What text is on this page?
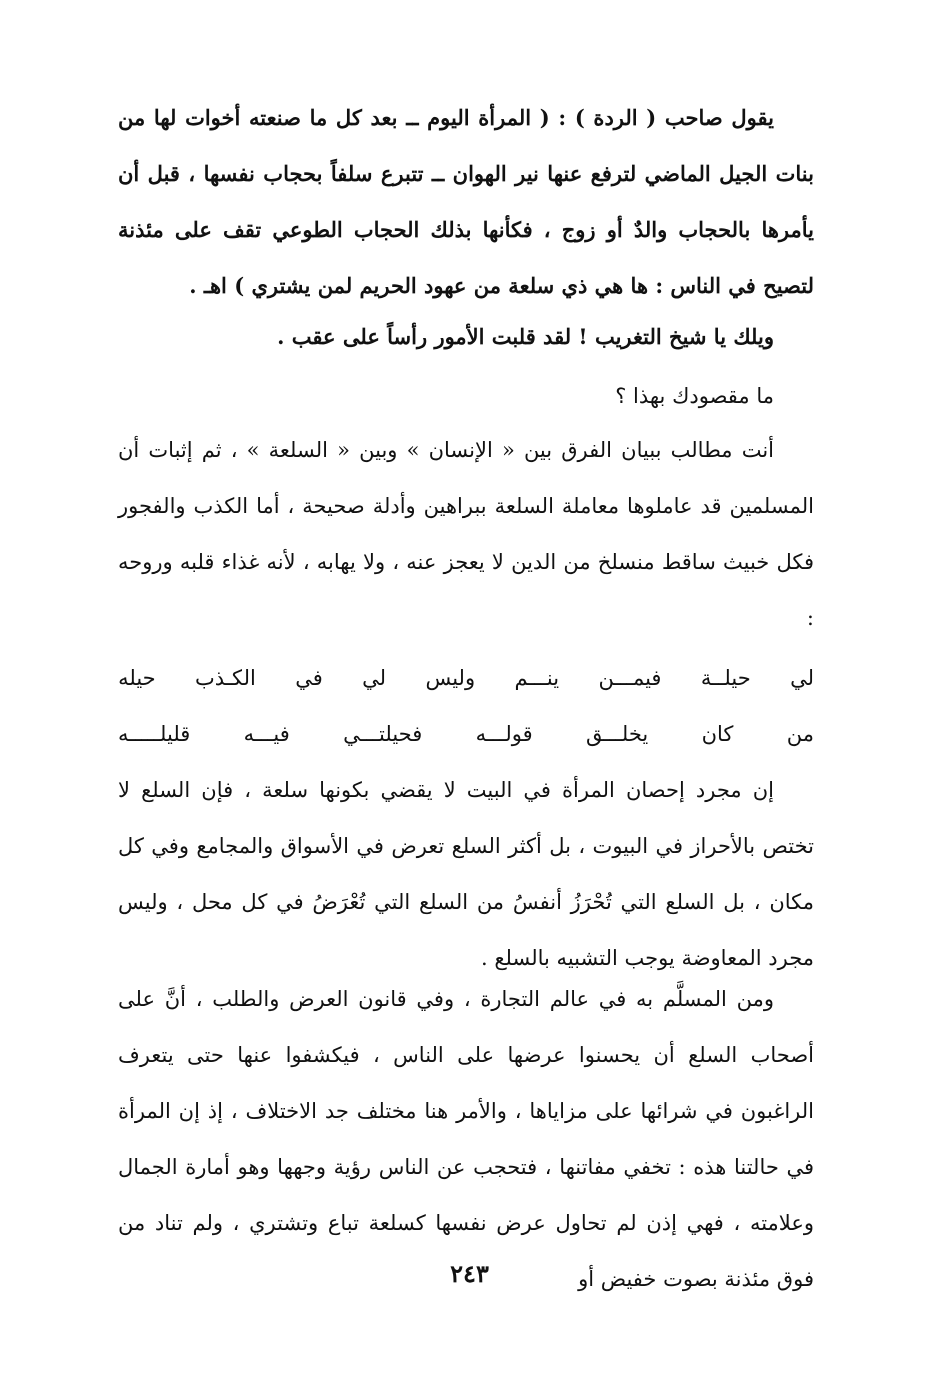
يقول صاحب ( الردة ) : ( المرأة اليوم ــ بعد كل ما صنعته أخوات لها من بنات الجيل الماضي لترفع عنها نير الهوان ــ تتبرع سلفاً بحجاب نفسها ، قبل أن يأمرها بالحجاب والدٌ أو زوج ، فكأنها بذلك الحجاب الطوعي تقف على مئذنة لتصيح في الناس : ها هي ذي سلعة من عهود الحريم لمن يشتري ) اهـ .

ويلك يا شيخ التغريب ! لقد قلبت الأمور رأساً على عقب .

ما مقصودك بهذا ؟

أنت مطالب ببيان الفرق بين « الإنسان » وبين « السلعة » ، ثم إثبات أن المسلمين قد عاملوها معاملة السلعة ببراهين وأدلة صحيحة ، أما الكذب والفجور فكل خبيث ساقط منسلخ من الدين لا يعجز عنه ، ولا يهابه ، لأنه غذاء قلبه وروحه :

لي
حيلــة
فيمـــن
ينـــم
وليس
لي
في
الكـذب
حيله
من
كان
يخلـــق
قولـــه
فحيلتـــي
فيـــه
قليلـــــه

إن مجرد إحصان المرأة في البيت لا يقضي بكونها سلعة ، فإن السلع لا تختص بالأحراز في البيوت ، بل أكثر السلع تعرض في الأسواق والمجامع وفي كل مكان ، بل السلع التي تُحْرَزُ أنفسُ من السلع التي تُعْرَضُ في كل محل ، وليس مجرد المعاوضة يوجب التشبيه بالسلع .

ومن المسلَّم به في عالم التجارة ، وفي قانون العرض والطلب ، أنَّ على أصحاب السلع أن يحسنوا عرضها على الناس ، فيكشفوا عنها حتى يتعرف الراغبون في شرائها على مزاياها ، والأمر هنا مختلف جد الاختلاف ، إذ إن المرأة في حالتنا هذه : تخفي مفاتنها ، فتحجب عن الناس رؤية وجهها وهو أمارة الجمال وعلامته ، فهي إذن لم تحاول عرض نفسها كسلعة تباع وتشتري ، ولم تناد من فوق مئذنة بصوت خفيض أو

٢٤٣
